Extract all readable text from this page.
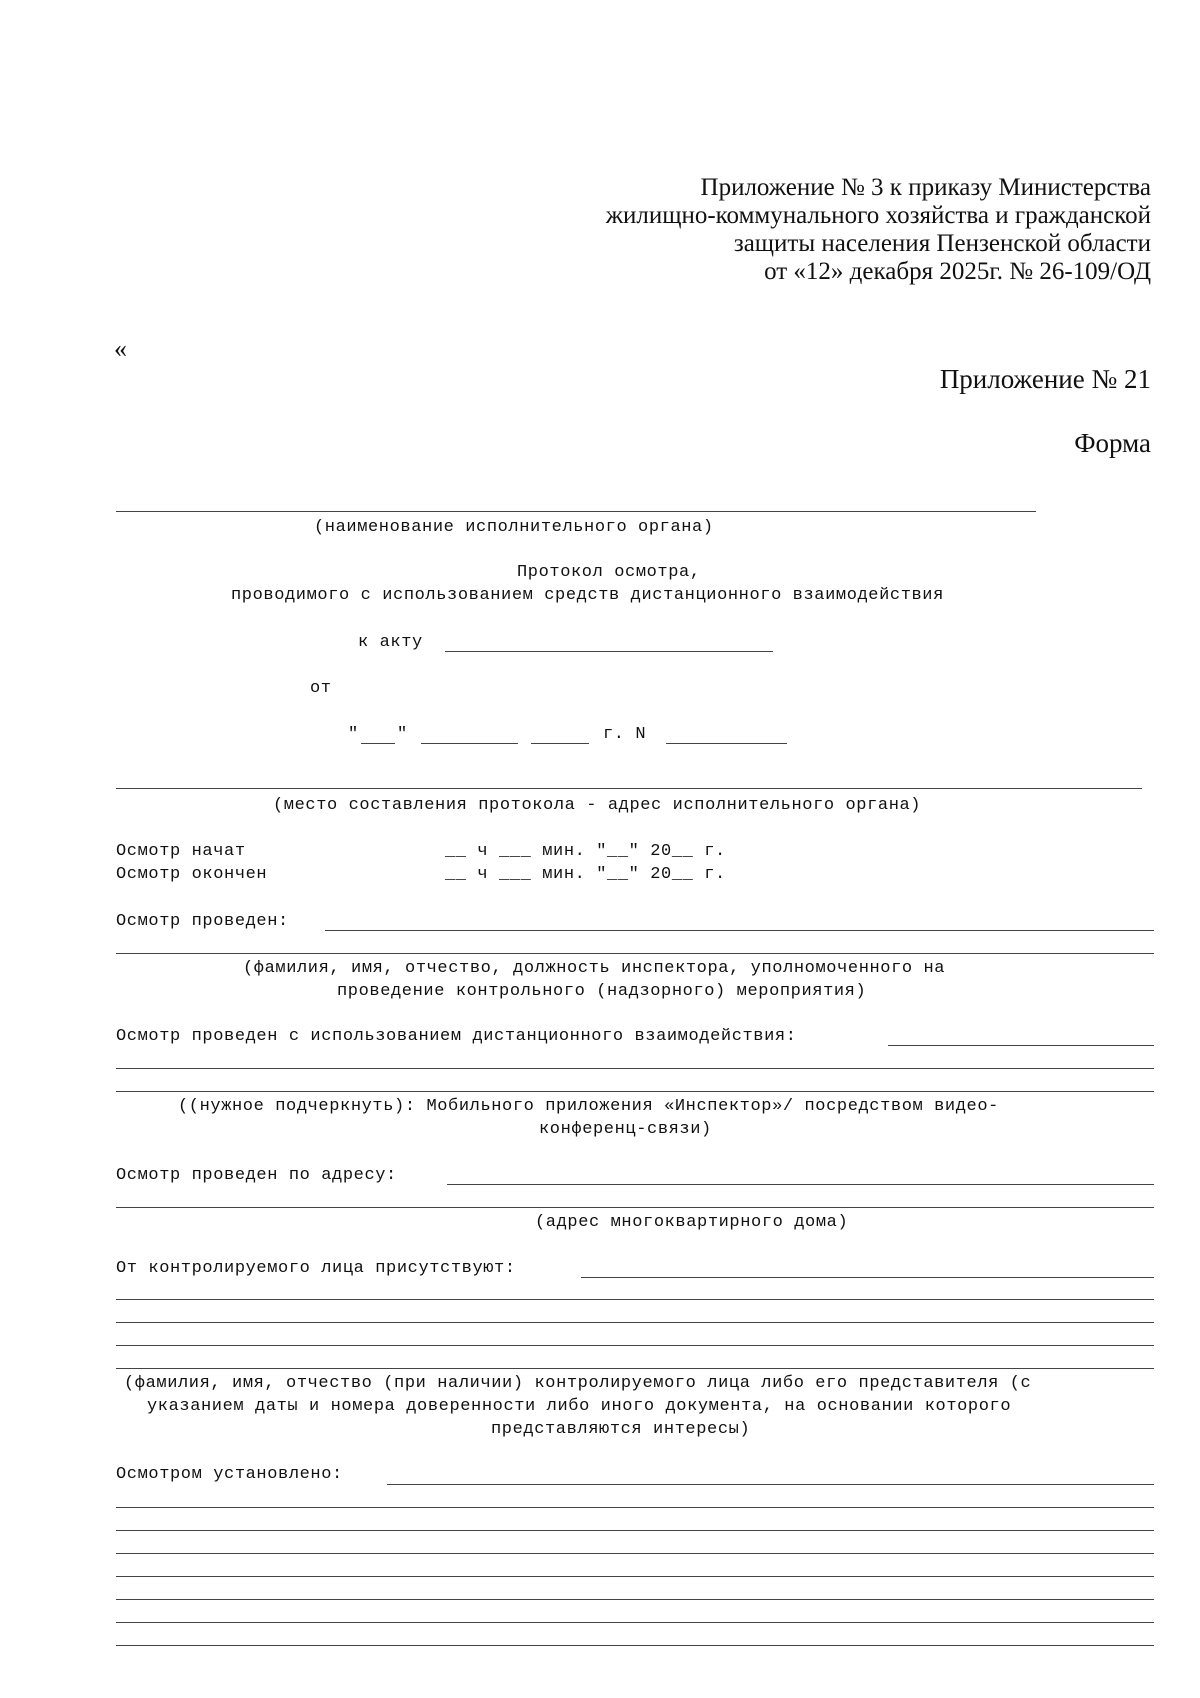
Приложение № 3 к приказу Министерства
жилищно-коммунального хозяйства и гражданской
защиты населения Пензенской области
от «12» декабря 2025г. № 26-109/ОД
«
Приложение № 21
Форма
(наименование исполнительного органа)
Протокол осмотра,
проводимого с использованием средств дистанционного взаимодействия
к акту
от
" "	г. N
(место составления протокола - адрес исполнительного органа)
Осмотр начат	__ ч ___ мин. "__" 20__ г.
Осмотр окончен	__ ч ___ мин. "__" 20__ г.
Осмотр проведен:
(фамилия, имя, отчество, должность инспектора, уполномоченного на
проведение контрольного (надзорного) мероприятия)
Осмотр проведен с использованием дистанционного взаимодействия:
((нужное подчеркнуть): Мобильного приложения «Инспектор»/ посредством видео-
конференц-связи)
Осмотр проведен по адресу:
(адрес многоквартирного дома)
От контролируемого лица присутствуют:
(фамилия, имя, отчество (при наличии) контролируемого лица либо его представителя (с
указанием даты и номера доверенности либо иного документа, на основании которого
представляются интересы)
Осмотром установлено:
